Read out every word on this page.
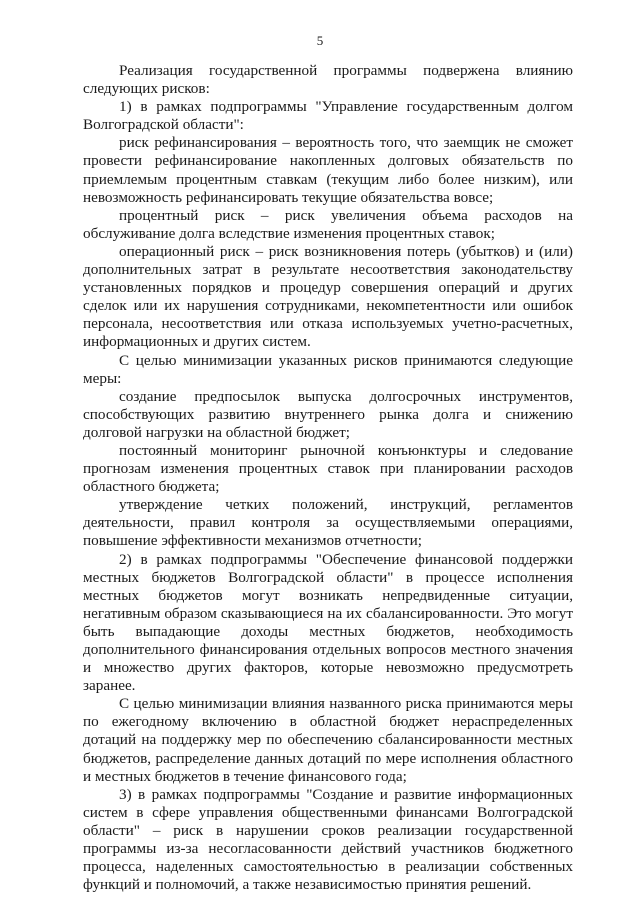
5

Реализация государственной программы подвержена влиянию следующих рисков:

1) в рамках подпрограммы "Управление государственным долгом Волгоградской области":

риск рефинансирования – вероятность того, что заемщик не сможет провести рефинансирование накопленных долговых обязательств по приемлемым процентным ставкам (текущим либо более низким), или невозможность рефинансировать текущие обязательства вовсе;

процентный риск – риск увеличения объема расходов на обслуживание долга вследствие изменения процентных ставок;

операционный риск – риск возникновения потерь (убытков) и (или) дополнительных затрат в результате несоответствия законодательству установленных порядков и процедур совершения операций и других сделок или их нарушения сотрудниками, некомпетентности или ошибок персонала, несоответствия или отказа используемых учетно-расчетных, информационных и других систем.

С целью минимизации указанных рисков принимаются следующие меры:

создание предпосылок выпуска долгосрочных инструментов, способствующих развитию внутреннего рынка долга и снижению долговой нагрузки на областной бюджет;

постоянный мониторинг рыночной конъюнктуры и следование прогнозам изменения процентных ставок при планировании расходов областного бюджета;

утверждение четких положений, инструкций, регламентов деятельности, правил контроля за осуществляемыми операциями, повышение эффективности механизмов отчетности;

2) в рамках подпрограммы "Обеспечение финансовой поддержки местных бюджетов Волгоградской области" в процессе исполнения местных бюджетов могут возникать непредвиденные ситуации, негативным образом сказывающиеся на их сбалансированности. Это могут быть выпадающие доходы местных бюджетов, необходимость дополнительного финансирования отдельных вопросов местного значения и множество других факторов, которые невозможно предусмотреть заранее.

С целью минимизации влияния названного риска принимаются меры по ежегодному включению в областной бюджет нераспределенных дотаций на поддержку мер по обеспечению сбалансированности местных бюджетов, распределение данных дотаций по мере исполнения областного и местных бюджетов в течение финансового года;

3) в рамках подпрограммы "Создание и развитие информационных систем в сфере управления общественными финансами Волгоградской области" – риск в нарушении сроков реализации государственной программы из-за несогласованности действий участников бюджетного процесса, наделенных самостоятельностью в реализации собственных функций и полномочий, а также независимостью принятия решений.
